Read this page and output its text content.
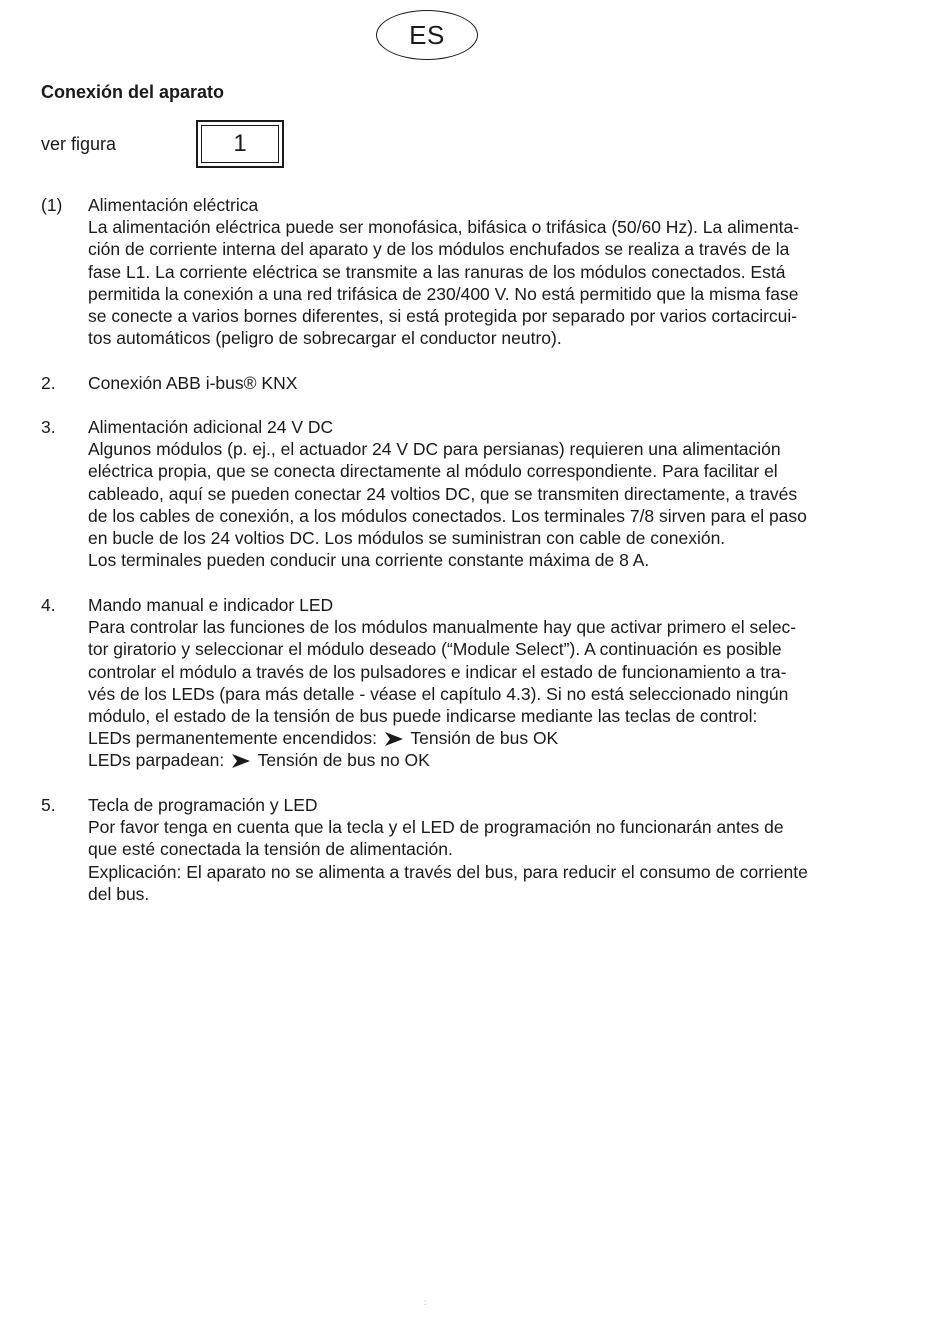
ES
Conexión del aparato
ver figura	1
(1) Alimentación eléctrica
La alimentación eléctrica puede ser monofásica, bifásica o trifásica (50/60 Hz). La alimenta-
ción de corriente interna del aparato y de los módulos enchufados se realiza a través de la
fase L1. La corriente eléctrica se transmite a las ranuras de los módulos conectados. Está
permitida la conexión a una red trifásica de 230/400 V. No está permitido que la misma fase
se conecte a varios bornes diferentes, si está protegida por separado por varios cortacircui-
tos automáticos (peligro de sobrecargar el conductor neutro).
2. Conexión ABB i-bus® KNX
3. Alimentación adicional 24 V DC
Algunos módulos (p. ej., el actuador 24 V DC para persianas) requieren una alimentación
eléctrica propia, que se conecta directamente al módulo correspondiente. Para facilitar el
cableado, aquí se pueden conectar 24 voltios DC, que se transmiten directamente, a través
de los cables de conexión, a los módulos conectados. Los terminales 7/8 sirven para el paso
en bucle de los 24 voltios DC. Los módulos se suministran con cable de conexión.
Los terminales pueden conducir una corriente constante máxima de 8 A.
4. Mando manual e indicador LED
Para controlar las funciones de los módulos manualmente hay que activar primero el selec-
tor giratorio y seleccionar el módulo deseado (“Module Select”). A continuación es posible
controlar el módulo a través de los pulsadores e indicar el estado de funcionamiento a tra-
vés de los LEDs (para más detalle - véase el capítulo 4.3). Si no está seleccionado ningún
módulo, el estado de la tensión de bus puede indicarse mediante las teclas de control:
LEDs permanentemente encendidos: Tensión de bus OK
LEDs parpadean: Tensión de bus no OK
5. Tecla de programación y LED
Por favor tenga en cuenta que la tecla y el LED de programación no funcionarán antes de
que esté conectada la tensión de alimentación.
Explicación: El aparato no se alimenta a través del bus, para reducir el consumo de corriente
del bus.
:
